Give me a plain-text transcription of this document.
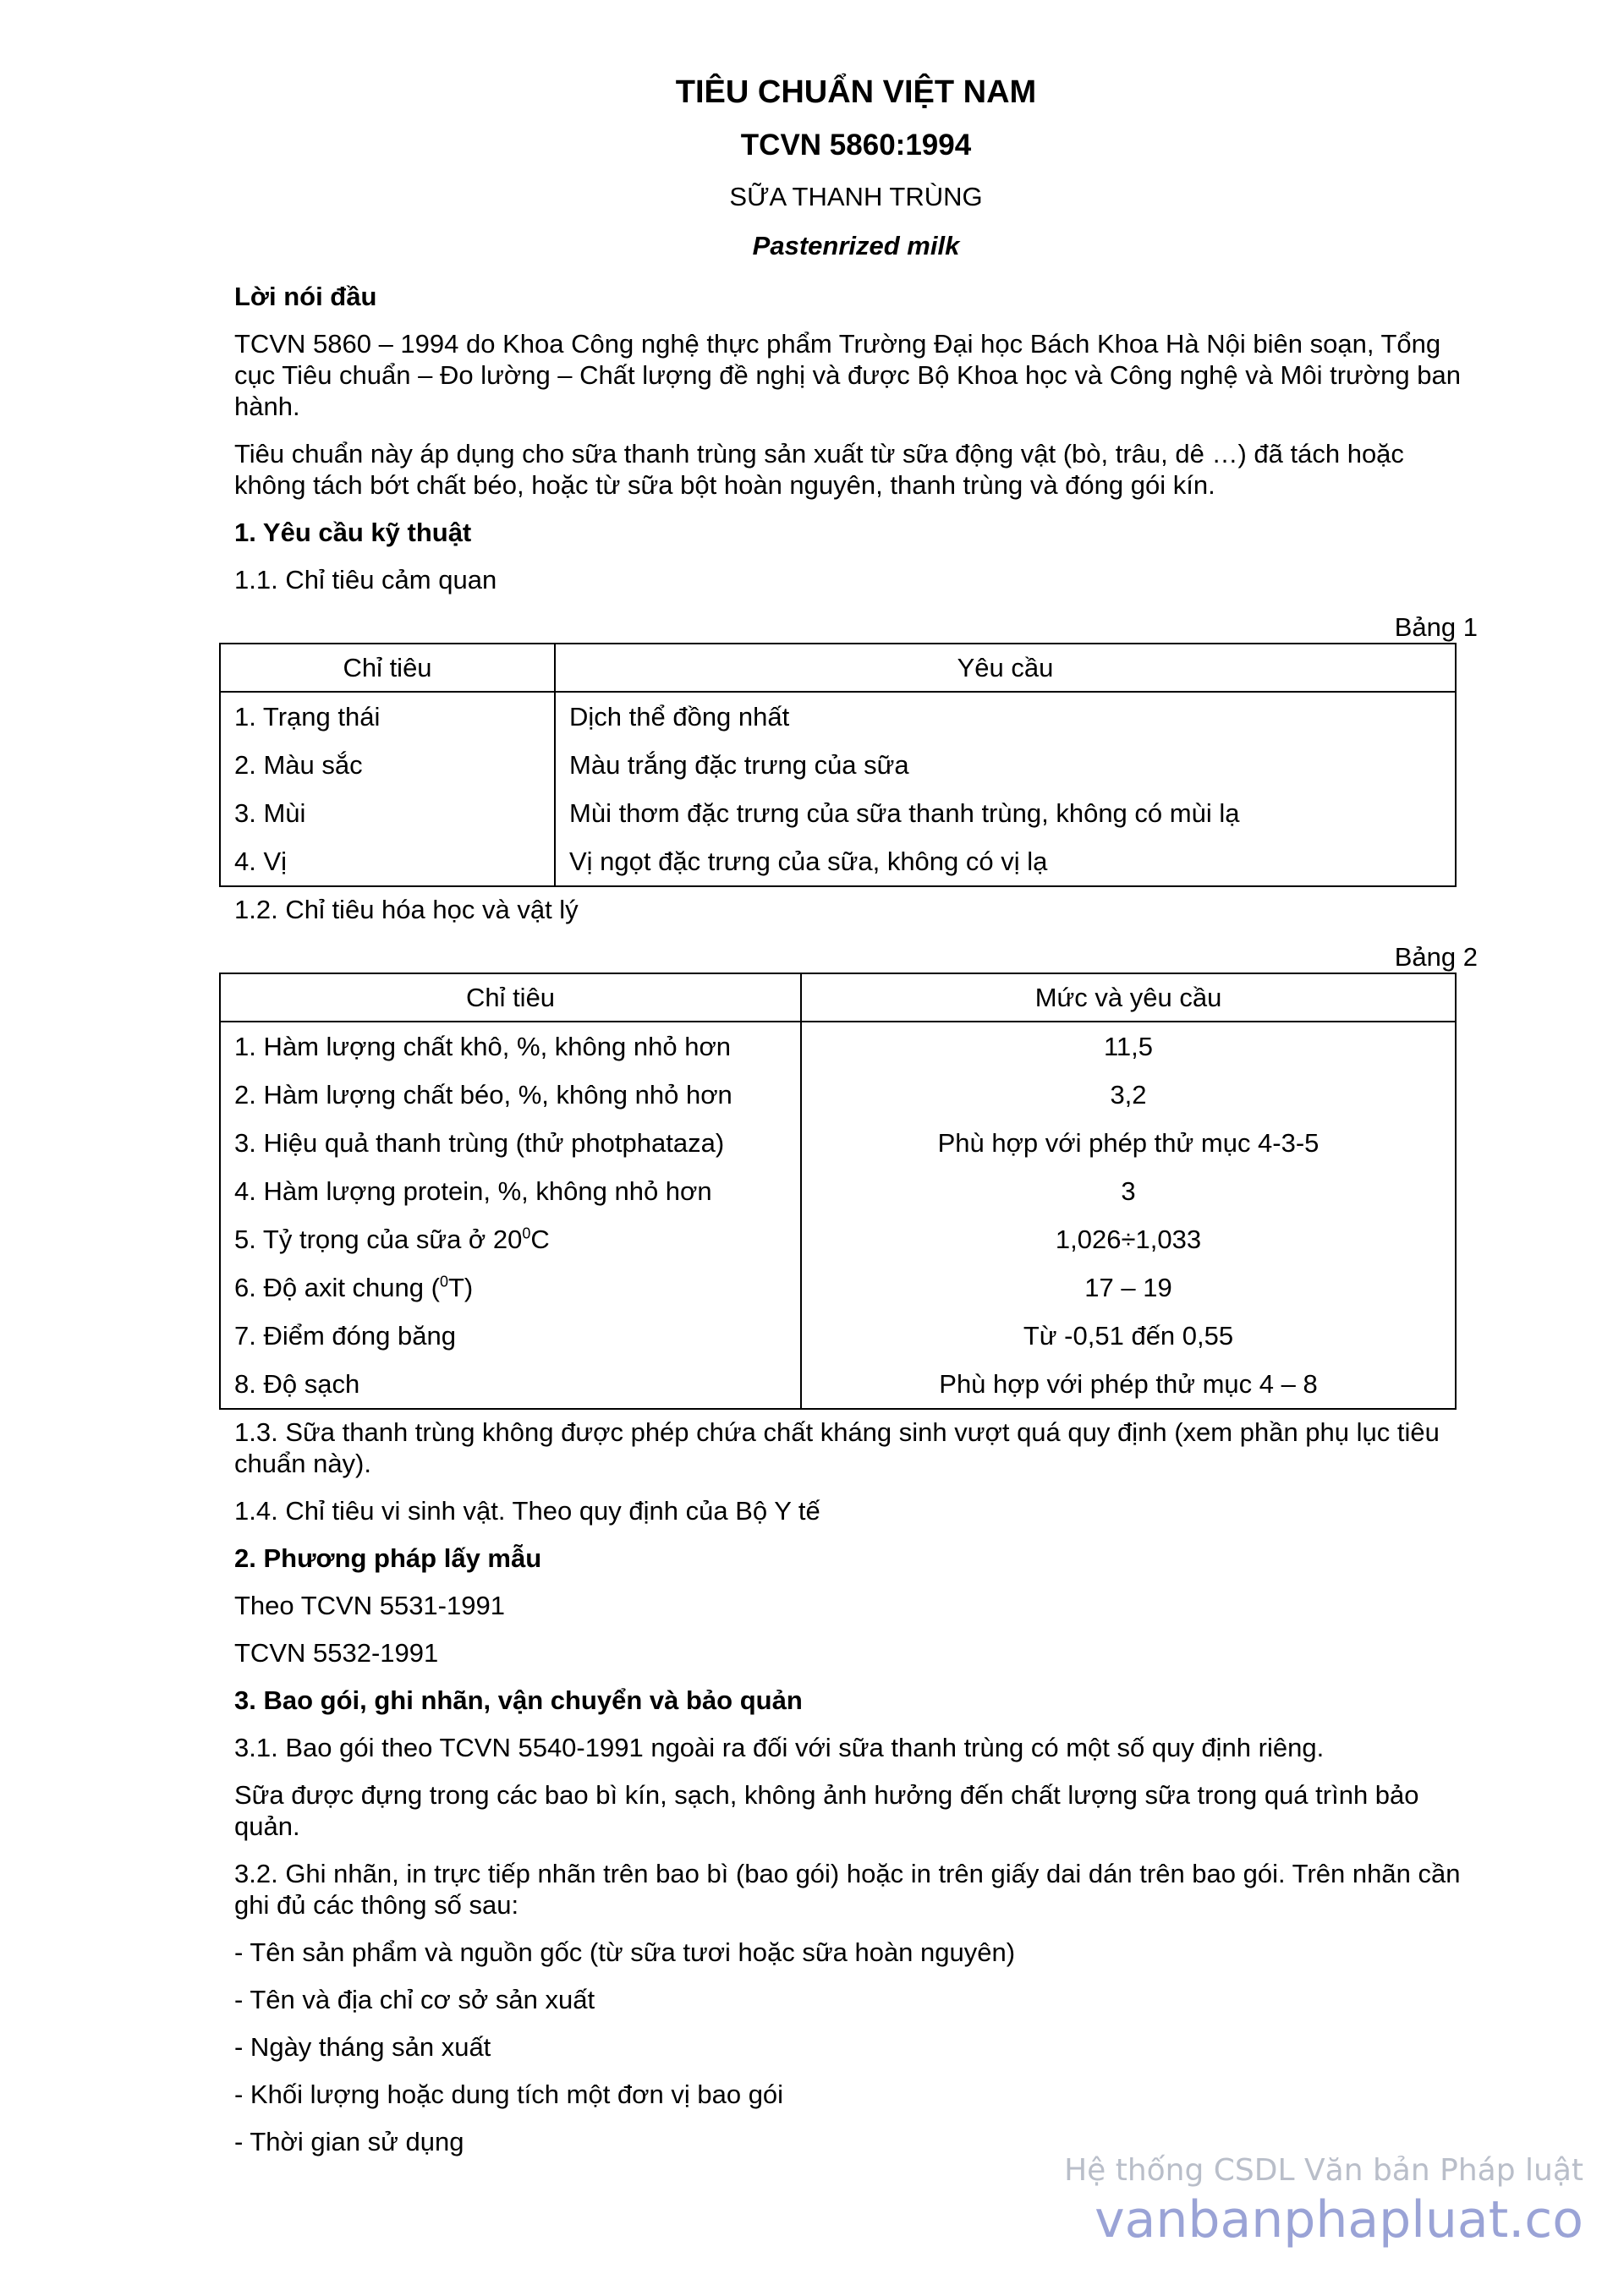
TIÊU CHUẨN VIỆT NAM
TCVN 5860:1994
SỮA THANH TRÙNG
Pastenrized milk

Lời nói đầu

TCVN 5860 – 1994 do Khoa Công nghệ thực phẩm Trường Đại học Bách Khoa Hà Nội biên soạn, Tổng cục Tiêu chuẩn – Đo lường – Chất lượng đề nghị và được Bộ Khoa học và Công nghệ và Môi trường ban hành.

Tiêu chuẩn này áp dụng cho sữa thanh trùng sản xuất từ sữa động vật (bò, trâu, dê …) đã tách hoặc không tách bớt chất béo, hoặc từ sữa bột hoàn nguyên, thanh trùng và đóng gói kín.

1. Yêu cầu kỹ thuật

1.1. Chỉ tiêu cảm quan

Bảng 1
Chỉ tiêu	Yêu cầu
1. Trạng thái	Dịch thể đồng nhất
2. Màu sắc	Màu trắng đặc trưng của sữa
3. Mùi	Mùi thơm đặc trưng của sữa thanh trùng, không có mùi lạ
4. Vị	Vị ngọt đặc trưng của sữa, không có vị lạ

1.2. Chỉ tiêu hóa học và vật lý

Bảng 2
Chỉ tiêu	Mức và yêu cầu
1. Hàm lượng chất khô, %, không nhỏ hơn	11,5
2. Hàm lượng chất béo, %, không nhỏ hơn	3,2
3. Hiệu quả thanh trùng (thử photphataza)	Phù hợp với phép thử mục 4-3-5
4. Hàm lượng protein, %, không nhỏ hơn	3
5. Tỷ trọng của sữa ở $20^0C$	1,026÷1,033
6. Độ axit chung ($^0$T)	17 – 19
7. Điểm đóng băng	Từ -0,51 đến 0,55
8. Độ sạch	Phù hợp với phép thử mục 4 – 8

1.3. Sữa thanh trùng không được phép chứa chất kháng sinh vượt quá quy định (xem phần phụ lục tiêu chuẩn này).

1.4. Chỉ tiêu vi sinh vật. Theo quy định của Bộ Y tế

2. Phương pháp lấy mẫu

Theo TCVN 5531-1991

TCVN 5532-1991

3. Bao gói, ghi nhãn, vận chuyển và bảo quản

3.1. Bao gói theo TCVN 5540-1991 ngoài ra đối với sữa thanh trùng có một số quy định riêng.

Sữa được đựng trong các bao bì kín, sạch, không ảnh hưởng đến chất lượng sữa trong quá trình bảo quản.

3.2. Ghi nhãn, in trực tiếp nhãn trên bao bì (bao gói) hoặc in trên giấy dai dán trên bao gói. Trên nhãn cần ghi đủ các thông số sau:

- Tên sản phẩm và nguồn gốc (từ sữa tươi hoặc sữa hoàn nguyên)

- Tên và địa chỉ cơ sở sản xuất

- Ngày tháng sản xuất

- Khối lượng hoặc dung tích một đơn vị bao gói

- Thời gian sử dụng

Hệ thống CSDL Văn bản Pháp luật
vanbanphapluat.co
